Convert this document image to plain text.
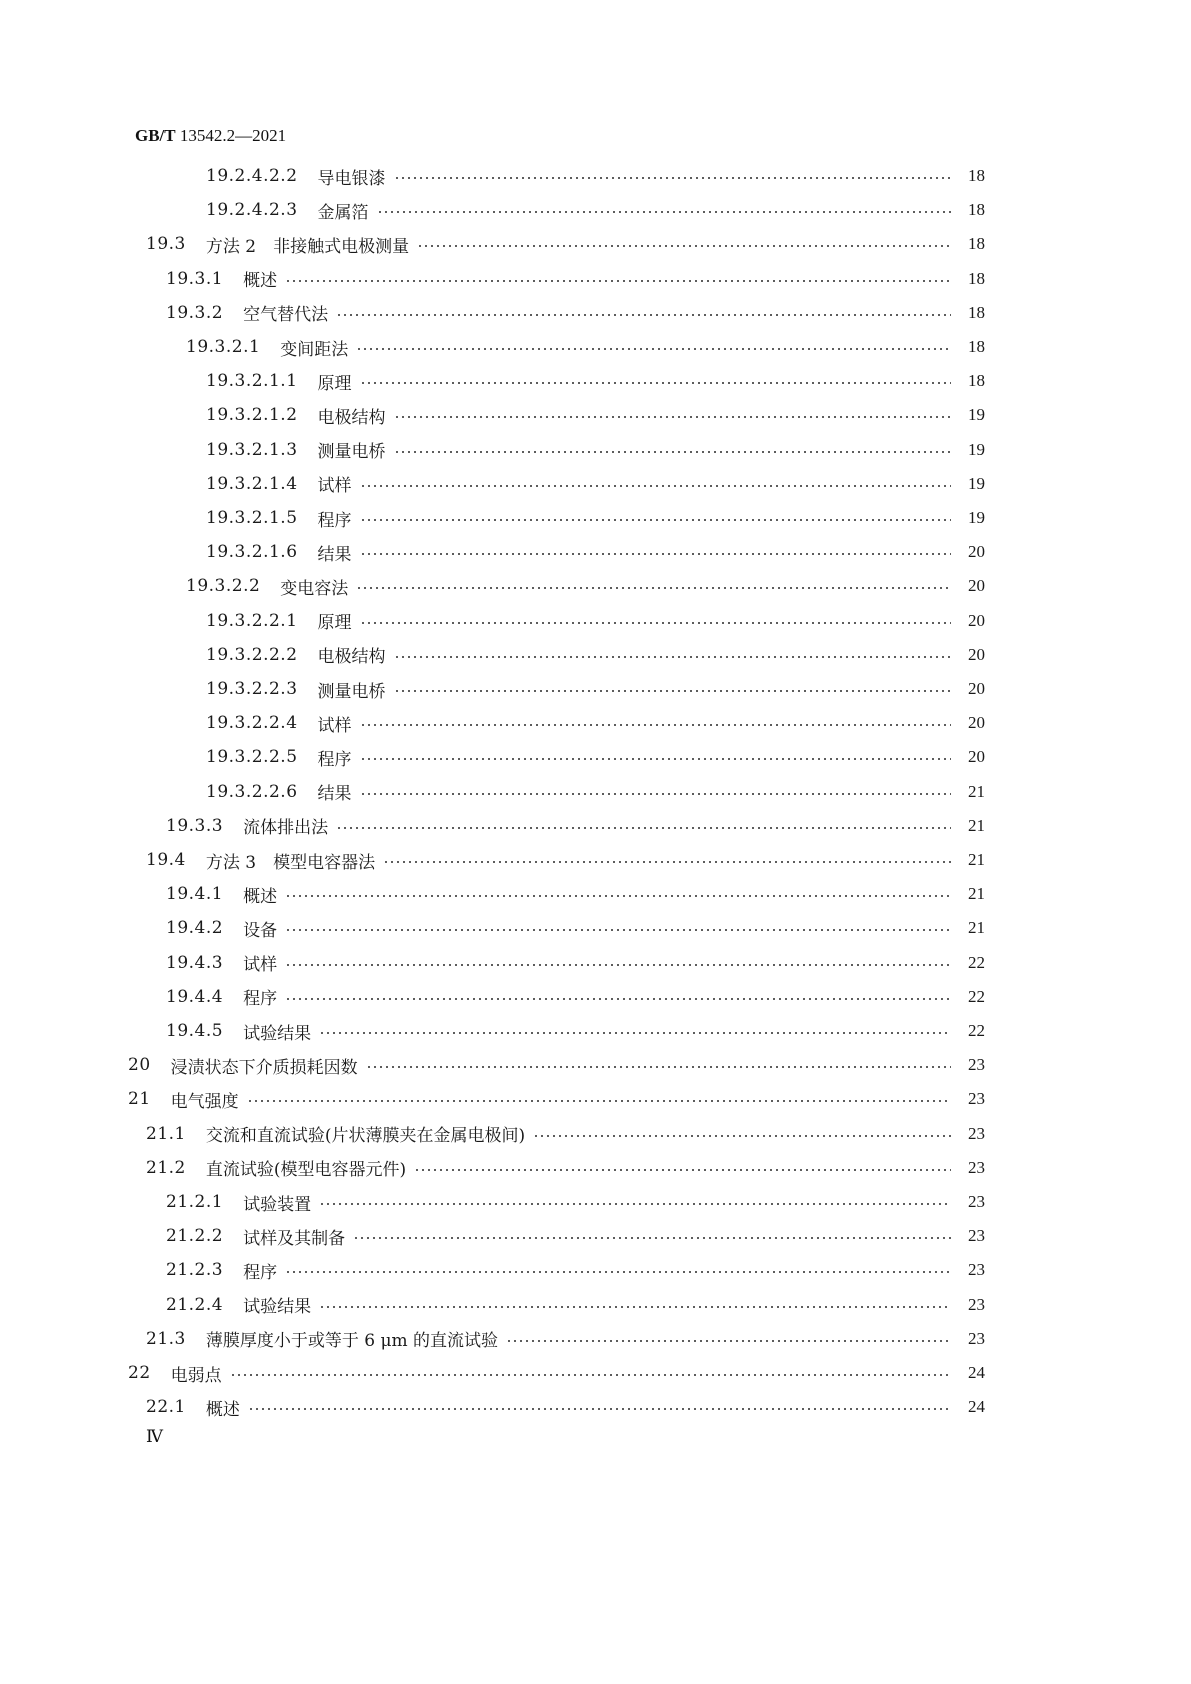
GB/T 13542.2—2021
19.2.4.2.2 导电银漆	18
19.2.4.2.3 金属箔	18
19.3 方法 2　非接触式电极测量	18
19.3.1 概述	18
19.3.2 空气替代法	18
19.3.2.1 变间距法	18
19.3.2.1.1 原理	18
19.3.2.1.2 电极结构	19
19.3.2.1.3 测量电桥	19
19.3.2.1.4 试样	19
19.3.2.1.5 程序	19
19.3.2.1.6 结果	20
19.3.2.2 变电容法	20
19.3.2.2.1 原理	20
19.3.2.2.2 电极结构	20
19.3.2.2.3 测量电桥	20
19.3.2.2.4 试样	20
19.3.2.2.5 程序	20
19.3.2.2.6 结果	21
19.3.3 流体排出法	21
19.4 方法 3　模型电容器法	21
19.4.1 概述	21
19.4.2 设备	21
19.4.3 试样	22
19.4.4 程序	22
19.4.5 试验结果	22
20 浸渍状态下介质损耗因数	23
21 电气强度	23
21.1 交流和直流试验(片状薄膜夹在金属电极间)	23
21.2 直流试验(模型电容器元件)	23
21.2.1 试验装置	23
21.2.2 试样及其制备	23
21.2.3 程序	23
21.2.4 试验结果	23
21.3 薄膜厚度小于或等于 6 μm 的直流试验	23
22 电弱点	24
22.1 概述	24
Ⅳ
